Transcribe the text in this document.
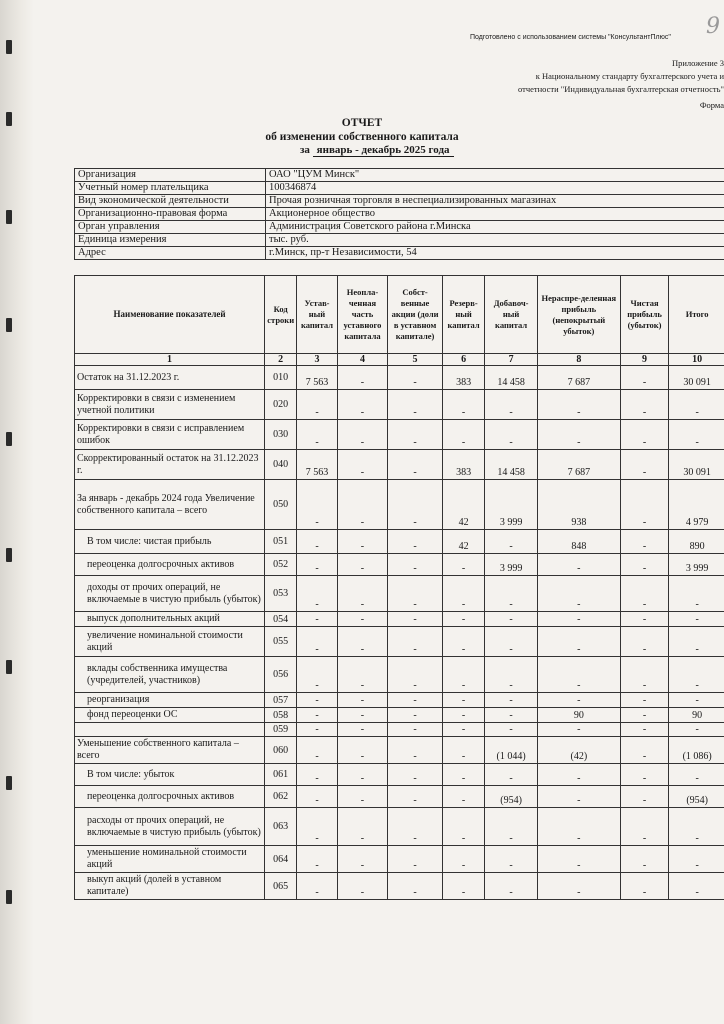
9
Подготовлено с использованием системы "КонсультантПлюс"
Приложение 3
к Национальному стандарту бухгалтерского учета и
отчетности "Индивидуальная бухгалтерская отчетность"
Форма
ОТЧЕТ
об изменении собственного капитала
за январь - декабрь 2025 года
Организация	ОАО "ЦУМ Минск"
Учетный номер плательщика	100346874
Вид экономической деятельности	Прочая розничная торговля в неспециализированных магазинах
Организационно-правовая форма	Акционерное общество
Орган управления	Администрация Советского района г.Минска
Единица измерения	тыс. руб.
Адрес	г.Минск, пр-т Независимости, 54
Наименование показателей	Код строки	Устав-ный капитал	Неопла-ченная часть уставного капитала	Собст-венные акции (доли в уставном капитале)	Резерв-ный капитал	Добавоч-ный капитал	Нераспре-деленная прибыль (непокрытый убыток)	Чистая прибыль (убыток)	Итого
1	2	3	4	5	6	7	8	9	10
Остаток на 31.12.2023 г.	010	7 563	-	-	383	14 458	7 687	-	30 091
Корректировки в связи с изменением учетной политики	020	-	-	-	-	-	-	-	-
Корректировки в связи с исправлением ошибок	030	-	-	-	-	-	-	-	-
Скорректированный остаток на 31.12.2023 г.	040	7 563	-	-	383	14 458	7 687	-	30 091
За январь - декабрь 2024 года Увеличение собственного капитала – всего	050	-	-	-	42	3 999	938	-	4 979
В том числе: чистая прибыль	051	-	-	-	42	-	848	-	890
переоценка долгосрочных активов	052	-	-	-	-	3 999	-	-	3 999
доходы от прочих операций, не включаемые в чистую прибыль (убыток)	053	-	-	-	-	-	-	-	-
выпуск дополнительных акций	054	-	-	-	-	-	-	-	-
увеличение номинальной стоимости акций	055	-	-	-	-	-	-	-	-
вклады собственника имущества (учредителей, участников)	056	-	-	-	-	-	-	-	-
реорганизация	057	-	-	-	-	-	-	-	-
фонд переоценки ОС	058	-	-	-	-	-	90	-	90
	059	-	-	-	-	-	-	-	-
Уменьшение собственного капитала – всего	060	-	-	-	-	(1 044)	(42)	-	(1 086)
В том числе: убыток	061	-	-	-	-	-	-	-	-
переоценка долгосрочных активов	062	-	-	-	-	(954)	-	-	(954)
расходы от прочих операций, не включаемые в чистую прибыль (убыток)	063	-	-	-	-	-	-	-	-
уменьшение номинальной стоимости акций	064	-	-	-	-	-	-	-	-
выкуп акций (долей в уставном капитале)	065	-	-	-	-	-	-	-	-
